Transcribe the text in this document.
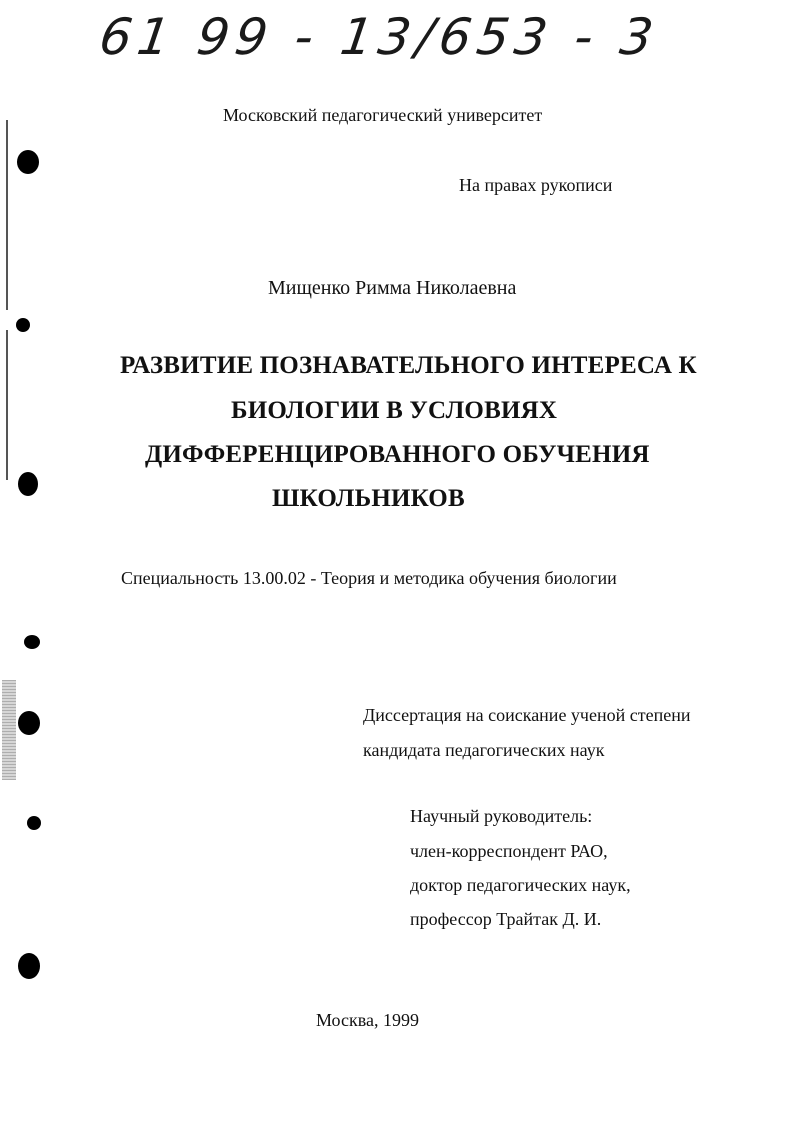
61 99 - 13/653 - 3
Московский педагогический университет
На правах рукописи
Мищенко Римма Николаевна
РАЗВИТИЕ ПОЗНАВАТЕЛЬНОГО ИНТЕРЕСА К
БИОЛОГИИ В УСЛОВИЯХ
ДИФФЕРЕНЦИРОВАННОГО ОБУЧЕНИЯ
ШКОЛЬНИКОВ
Специальность 13.00.02 - Теория и методика обучения биологии
Диссертация на соискание ученой степени
кандидата педагогических наук
Научный руководитель:
член-корреспондент РАО,
доктор педагогических наук,
профессор Трайтак Д. И.
Москва, 1999
